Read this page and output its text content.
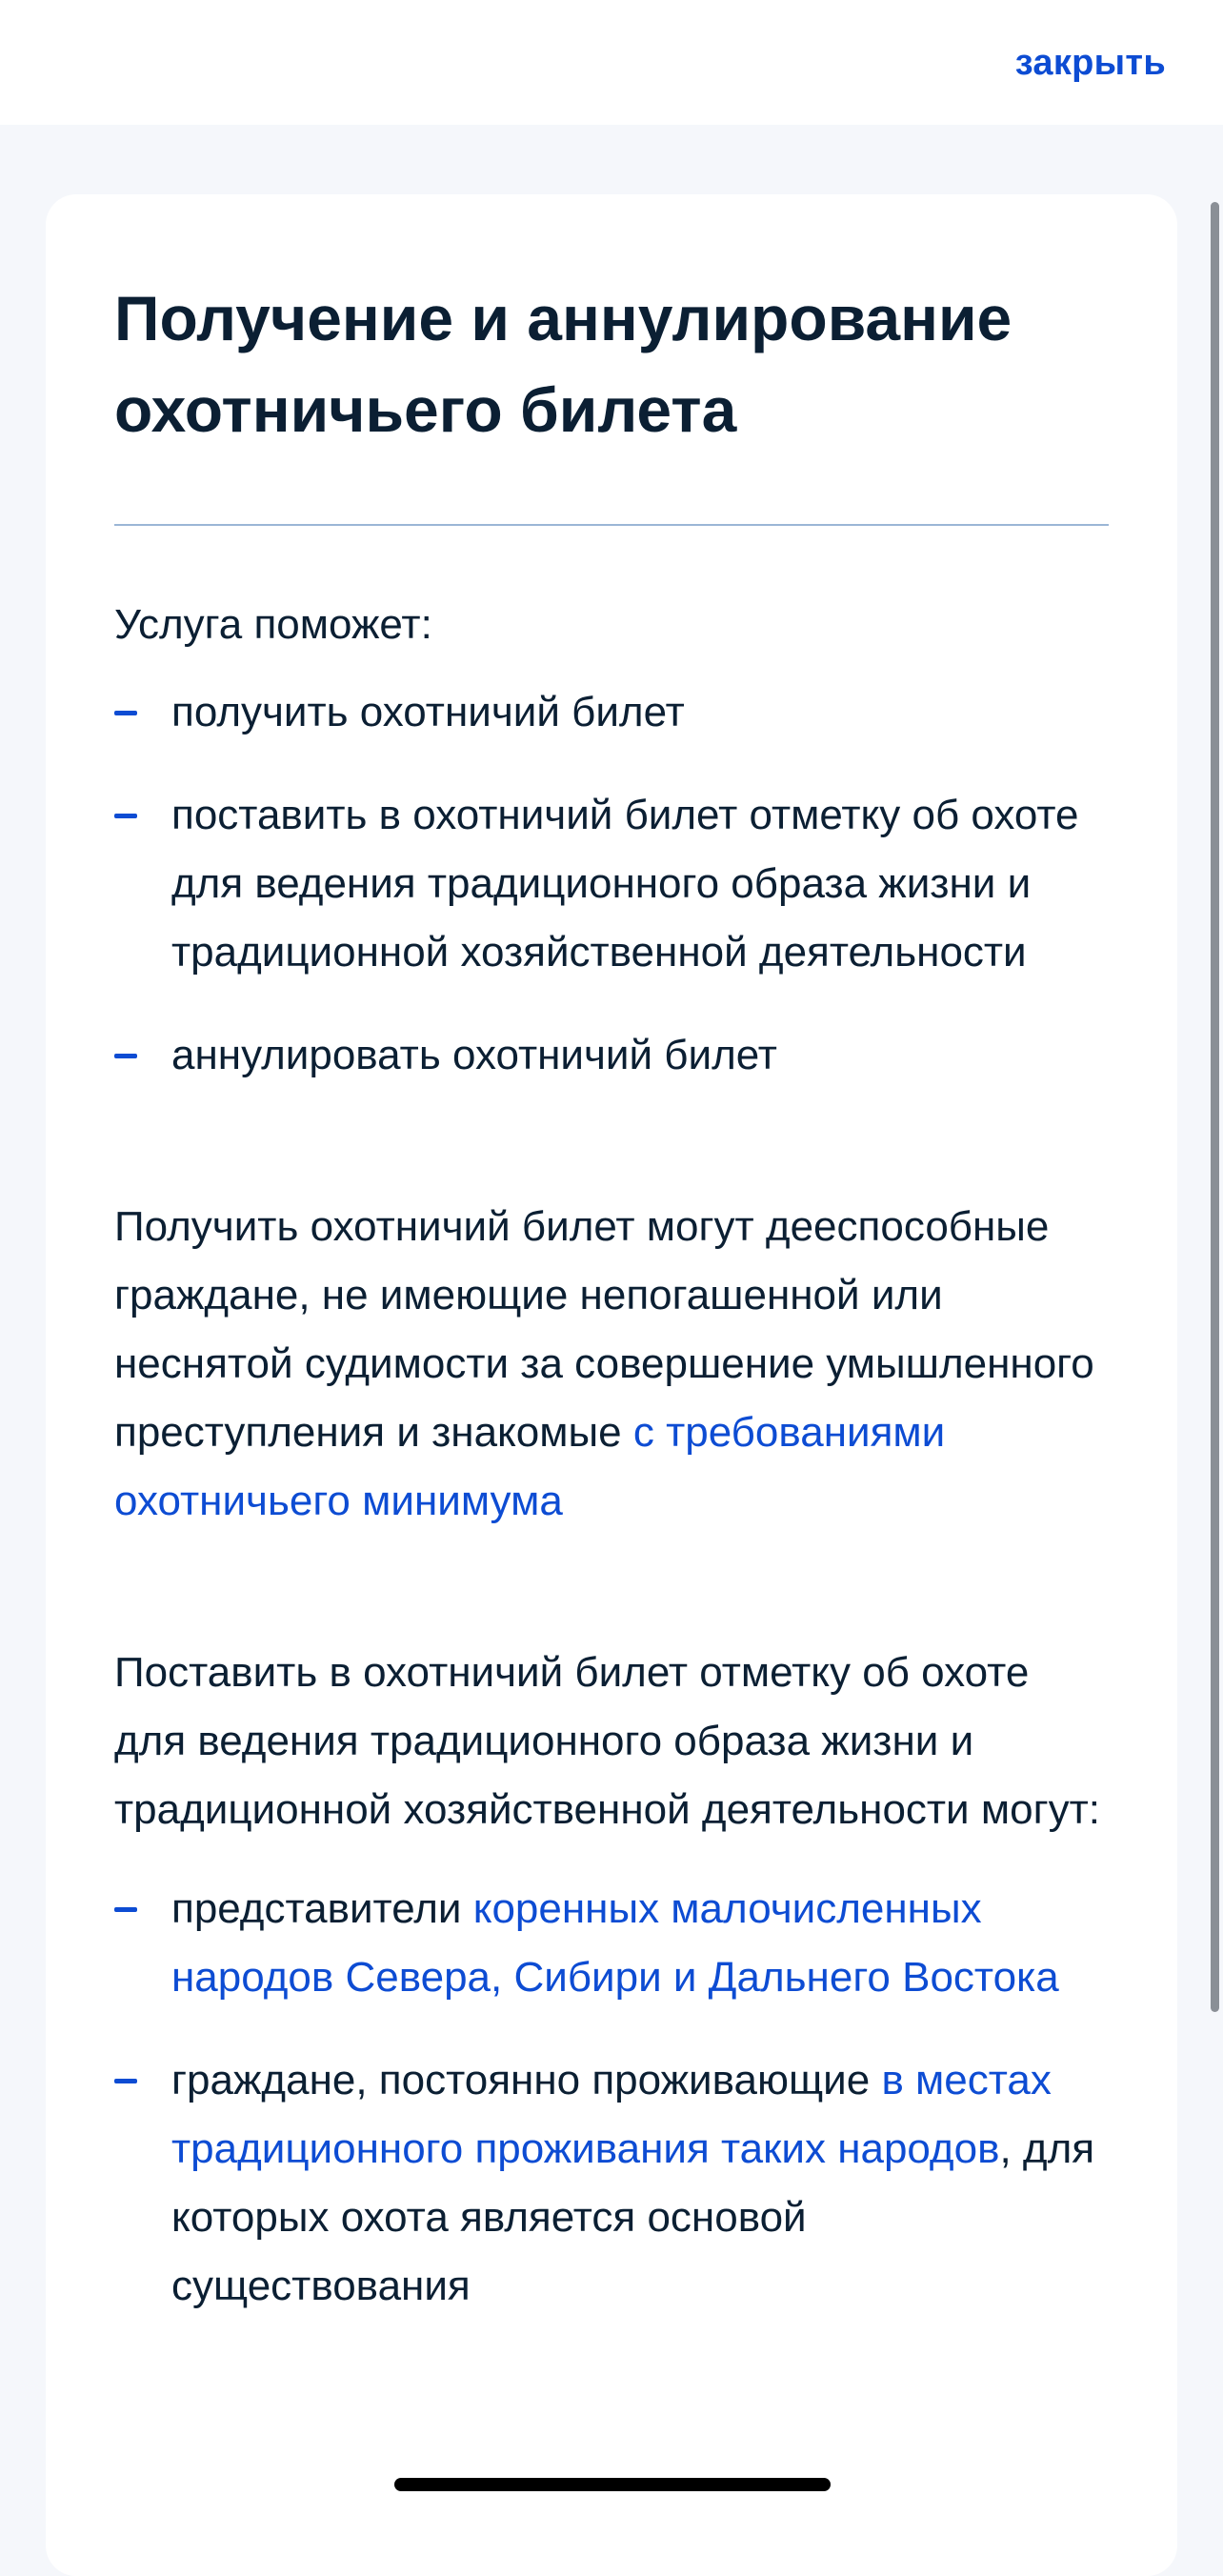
закрыть
Получение и аннулирование охотничьего билета

Услуга поможет:

получить охотничий билет
поставить в охотничий билет отметку об охоте для ведения традиционного образа жизни и традиционной хозяйственной деятельности
аннулировать охотничий билет

Получить охотничий билет могут дееспособные граждане, не имеющие непогашенной или неснятой судимости за совершение умышленного преступления и знакомые с требованиями охотничьего минимума

Поставить в охотничий билет отметку об охоте для ведения традиционного образа жизни и традиционной хозяйственной деятельности могут:

представители коренных малочисленных народов Севера, Сибири и Дальнего Востока
граждане, постоянно проживающие в местах традиционного проживания таких народов, для которых охота является основой существования
